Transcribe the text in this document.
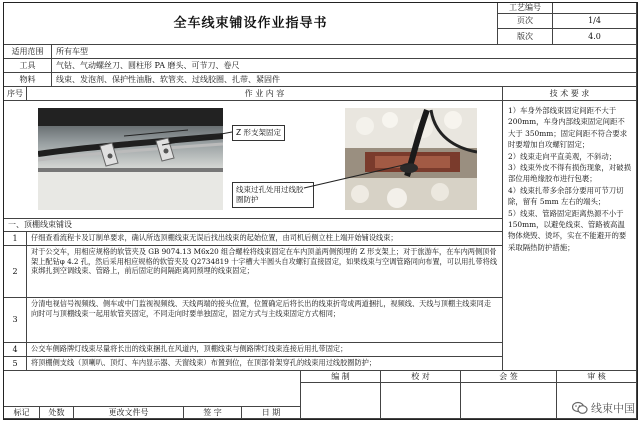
全车线束铺设作业指导书
工艺编号
页次	1/4
版次	4.0
适用范围	所有车型
工具	气钻、气动螺丝刀、圆柱形 PA 磨头、可节刀、卷尺
物料	线束、发泡剂、保护性油脂、软管夹、过线胶圈、扎带、紧固件
序号	作 业 内 容	技 术 要 求
Z 形支架固定
线束过孔处用过线胶圈防护
一、顶棚线束铺设
1	仔细查看流程卡及订制单要求，确认所选顶棚线束无误后找出线束的起始位置，由司机后侧立柱上端开始铺设线束；
2
对于公交车，用相应规格的软管夹及 GB 9074.13 M6x20 组合螺栓将线束固定在车内顶盖两侧预埋的 Z 形支架上；对于旅游车，在车内两侧顶骨架上配钻φ 4.2 孔，然后采用相应规格的软管夹及 Q2734819 十字槽大半圆头自攻螺钉直接固定，如果线束与空调管路同向布置，可以用扎带将线束绑扎到空调线束、管路上，前后固定的间隔距离同预埋的线束固定；
3
分清电视信号视频线、侧车或中门监视视频线、天线两端的接头位置，位置确定后将长出的线束折弯成两道捆扎，视频线、天线与顶棚主线束同走向时可与顶棚线束一起用软管夹固定，不同走向时要单独固定，固定方式与主线束固定方式相同；
4	公交车侧路牌灯线束尽量将长出的线束捆扎在风道内，顶棚线束与侧路牌灯线束连接后用扎带固定；
5	将顶棚侧支线（顶喇叭、顶灯、车内显示器、天窗线束）布置到位，在顶部骨架穿孔的线束用过线胶圈防护；
1）车身外部线束固定间距不大于 200mm，车身内部线束固定间距不大于 350mm；固定间距不符合要求时要增加自攻螺钉固定；
2）线束走向平直美观，不斜动；
3）线束外皮不得有损伤现象，对破损部位用绝缘胶布进行包裹；
4）线束扎带多余部分要用可节刀切除，留有 5mm 左右的端头；
5）线束、管路固定距离热源不小于 150mm，以避免线束、管路被高温物体烧毁、烫坏，实在不能避开的要采取隔热防护措施；
编 制	校 对	会 签	审 核
标记	处数	更改文件号	签 字	日 期	线束中国
